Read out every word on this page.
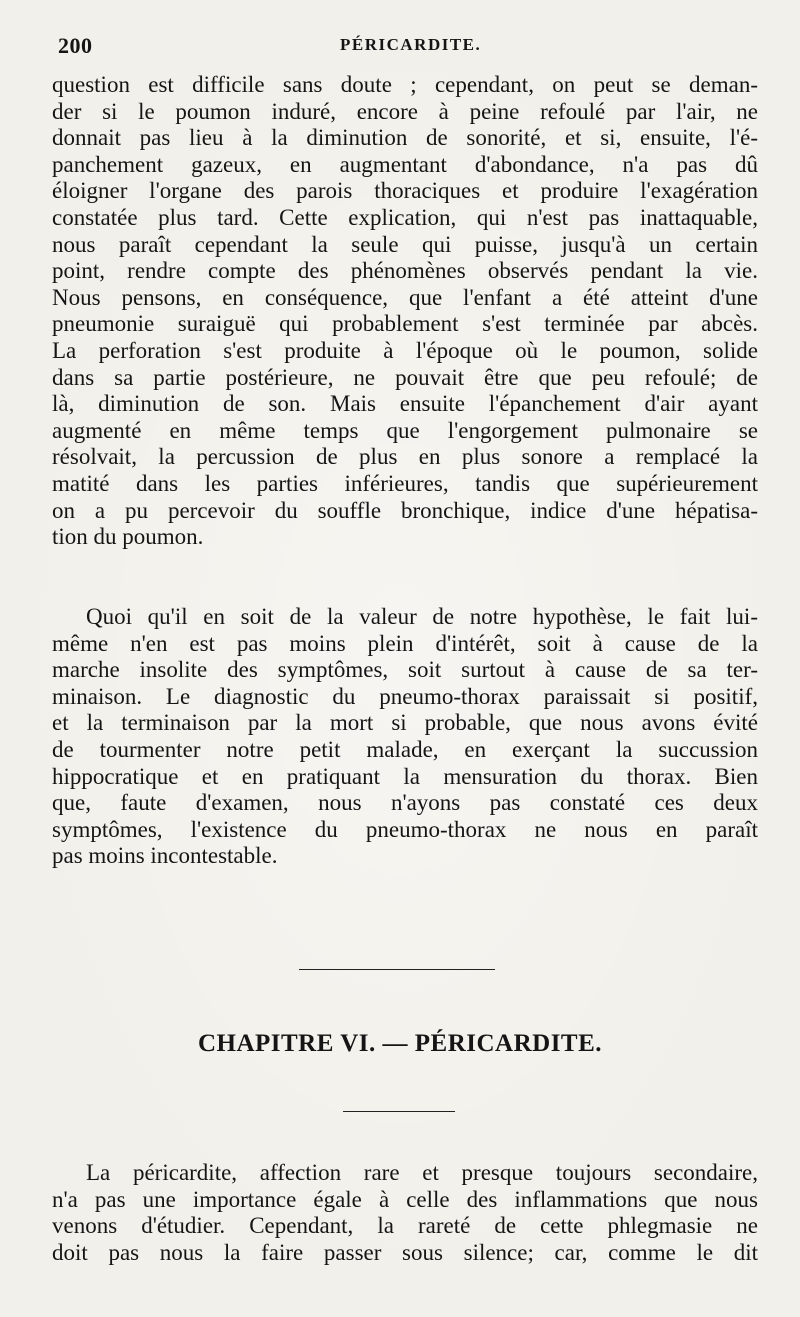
200	PÉRICARDITE.
question est difficile sans doute ; cependant, on peut se deman-
der si le poumon induré, encore à peine refoulé par l'air, ne
donnait pas lieu à la diminution de sonorité, et si, ensuite, l'é-
panchement gazeux, en augmentant d'abondance, n'a pas dû
éloigner l'organe des parois thoraciques et produire l'exagération
constatée plus tard. Cette explication, qui n'est pas inattaquable,
nous paraît cependant la seule qui puisse, jusqu'à un certain
point, rendre compte des phénomènes observés pendant la vie.
Nous pensons, en conséquence, que l'enfant a été atteint d'une
pneumonie suraiguë qui probablement s'est terminée par abcès.
La perforation s'est produite à l'époque où le poumon, solide
dans sa partie postérieure, ne pouvait être que peu refoulé; de
là, diminution de son. Mais ensuite l'épanchement d'air ayant
augmenté en même temps que l'engorgement pulmonaire se
résolvait, la percussion de plus en plus sonore a remplacé la
matité dans les parties inférieures, tandis que supérieurement
on a pu percevoir du souffle bronchique, indice d'une hépatisa-
tion du poumon.
Quoi qu'il en soit de la valeur de notre hypothèse, le fait lui-
même n'en est pas moins plein d'intérêt, soit à cause de la
marche insolite des symptômes, soit surtout à cause de sa ter-
minaison. Le diagnostic du pneumo-thorax paraissait si positif,
et la terminaison par la mort si probable, que nous avons évité
de tourmenter notre petit malade, en exerçant la succussion
hippocratique et en pratiquant la mensuration du thorax. Bien
que, faute d'examen, nous n'ayons pas constaté ces deux
symptômes, l'existence du pneumo-thorax ne nous en paraît
pas moins incontestable.
CHAPITRE VI. — PÉRICARDITE.
La péricardite, affection rare et presque toujours secondaire,
n'a pas une importance égale à celle des inflammations que nous
venons d'étudier. Cependant, la rareté de cette phlegmasie ne
doit pas nous la faire passer sous silence; car, comme le dit
